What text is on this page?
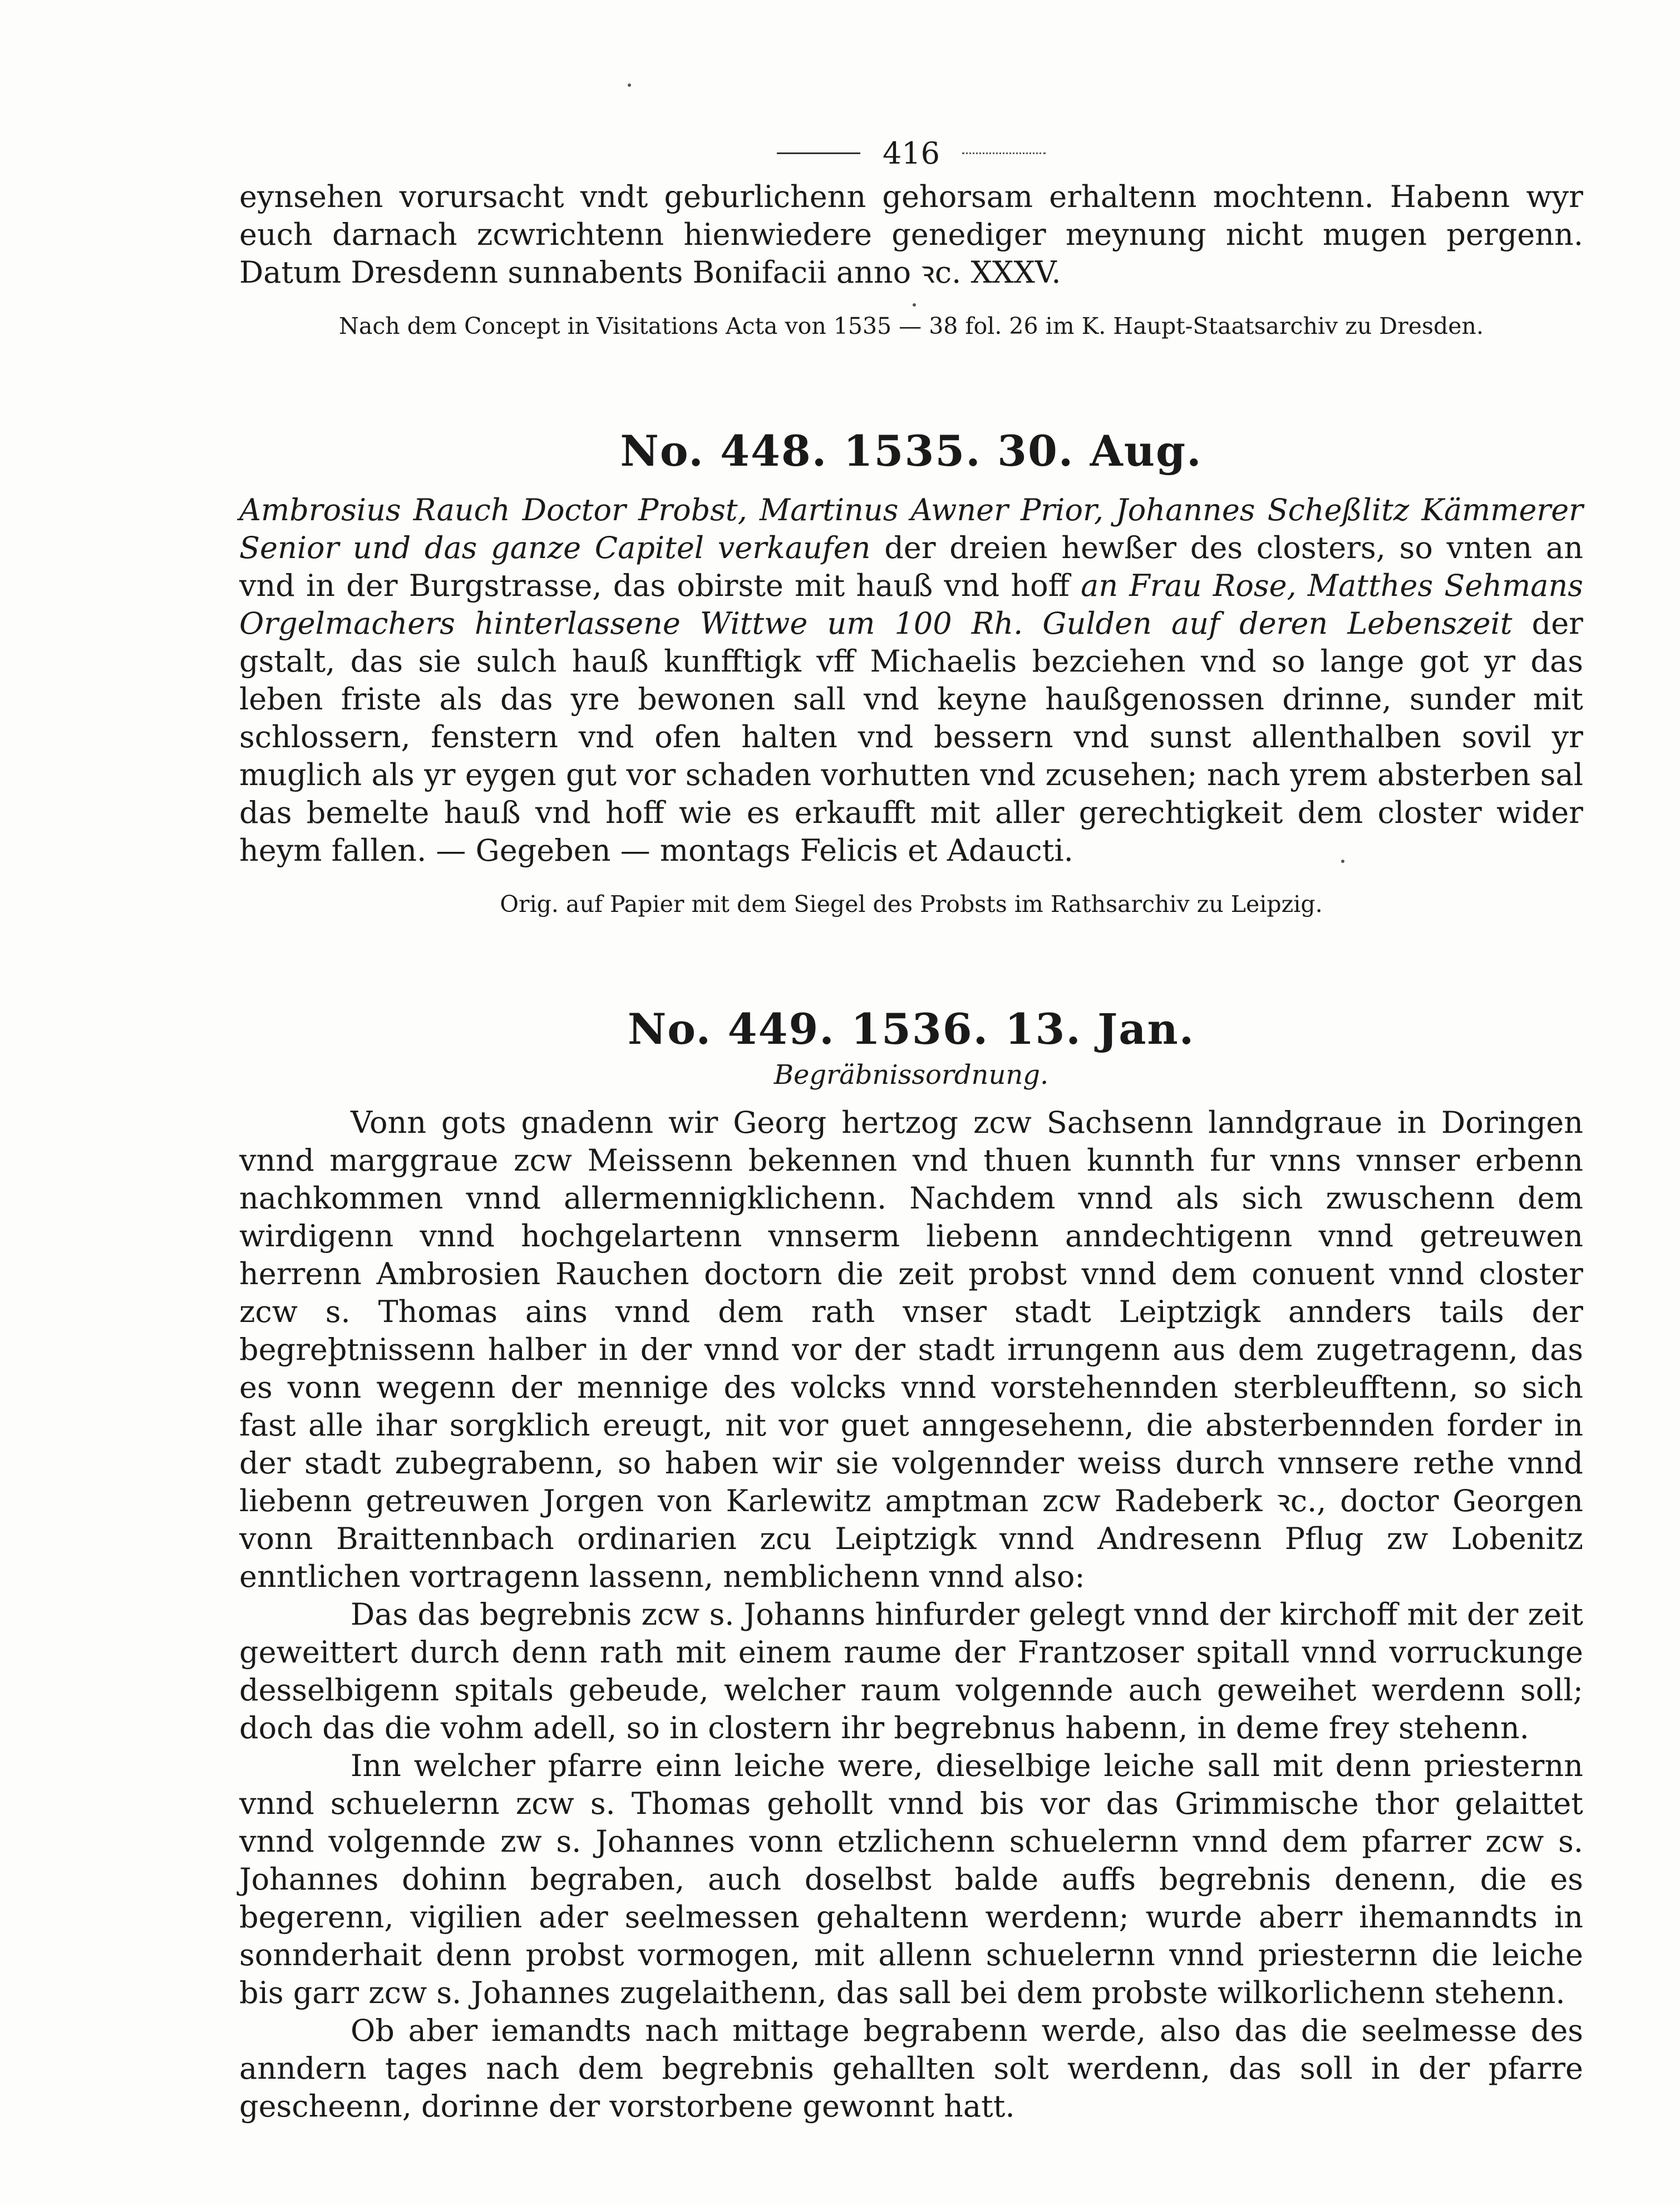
416

eynsehen vorursacht vndt geburlichenn gehorsam erhaltenn mochtenn. Habenn wyr euch darnach zcwrichtenn hienwiedere genediger meynung nicht mugen pergenn. Datum Dresdenn sunnabents Bonifacii anno ꝛc. XXXV.

Nach dem Concept in Visitations Acta von 1535 — 38 fol. 26 im K. Haupt-Staatsarchiv zu Dresden.

No. 448. 1535. 30. Aug.

Ambrosius Rauch Doctor Probst, Martinus Awner Prior, Johannes Scheßlitz Kämmerer Senior und das ganze Capitel verkaufen der dreien hewßer des closters, so vnten an vnd in der Burgstrasse, das obirste mit hauß vnd hoff an Frau Rose, Matthes Sehmans Orgelmachers hinterlassene Wittwe um 100 Rh. Gulden auf deren Lebenszeit der gstalt, das sie sulch hauß kunfftigk vff Michaelis bezciehen vnd so lange got yr das leben friste als das yre bewonen sall vnd keyne haußgenossen drinne, sunder mit schlossern, fenstern vnd ofen halten vnd bessern vnd sunst allenthalben sovil yr muglich als yr eygen gut vor schaden vorhutten vnd zcusehen; nach yrem absterben sal das bemelte hauß vnd hoff wie es erkaufft mit aller gerechtigkeit dem closter wider heym fallen. — Gegeben — montags Felicis et Adaucti.

Orig. auf Papier mit dem Siegel des Probsts im Rathsarchiv zu Leipzig.

No. 449. 1536. 13. Jan.

Begräbnissordnung.

Vonn gots gnadenn wir Georg hertzog zcw Sachsenn lanndgraue in Doringen vnnd marggraue zcw Meissenn bekennen vnd thuen kunnth fur vnns vnnser erbenn nachkommen vnnd allermennigklichenn. Nachdem vnnd als sich zwuschenn dem wirdigenn vnnd hochgelartenn vnnserm liebenn anndechtigenn vnnd getreuwen herrenn Ambrosien Rauchen doctorn die zeit probst vnnd dem conuent vnnd closter zcw s. Thomas ains vnnd dem rath vnser stadt Leiptzigk annders tails der begreþtnissenn halber in der vnnd vor der stadt irrungenn aus dem zugetragenn, das es vonn wegenn der mennige des volcks vnnd vorstehennden sterbleufftenn, so sich fast alle ihar sorgklich ereugt, nit vor guet anngesehenn, die absterbennden forder in der stadt zubegrabenn, so haben wir sie volgennder weiss durch vnnsere rethe vnnd liebenn getreuwen Jorgen von Karlewitz amptman zcw Radeberk ꝛc., doctor Georgen vonn Braittennbach ordinarien zcu Leiptzigk vnnd Andresenn Pflug zw Lobenitz enntlichen vortragenn lassenn, nemblichenn vnnd also:

Das das begrebnis zcw s. Johanns hinfurder gelegt vnnd der kirchoff mit der zeit geweittert durch denn rath mit einem raume der Frantzoser spitall vnnd vorruckunge desselbigenn spitals gebeude, welcher raum volgennde auch geweihet werdenn soll; doch das die vohm adell, so in clostern ihr begrebnus habenn, in deme frey stehenn.

Inn welcher pfarre einn leiche were, dieselbige leiche sall mit denn priesternn vnnd schuelernn zcw s. Thomas gehollt vnnd bis vor das Grimmische thor gelaittet vnnd volgennde zw s. Johannes vonn etzlichenn schuelernn vnnd dem pfarrer zcw s. Johannes dohinn begraben, auch doselbst balde auffs begrebnis denenn, die es begerenn, vigilien ader seelmessen gehaltenn werdenn; wurde aberr ihemanndts in sonnderhait denn probst vormogen, mit allenn schuelernn vnnd priesternn die leiche bis garr zcw s. Johannes zugelaithenn, das sall bei dem probste wilkorlichenn stehenn.

Ob aber iemandts nach mittage begrabenn werde, also das die seelmesse des anndern tages nach dem begrebnis gehallten solt werdenn, das soll in der pfarre gescheenn, dorinne der vorstorbene gewonnt hatt.
